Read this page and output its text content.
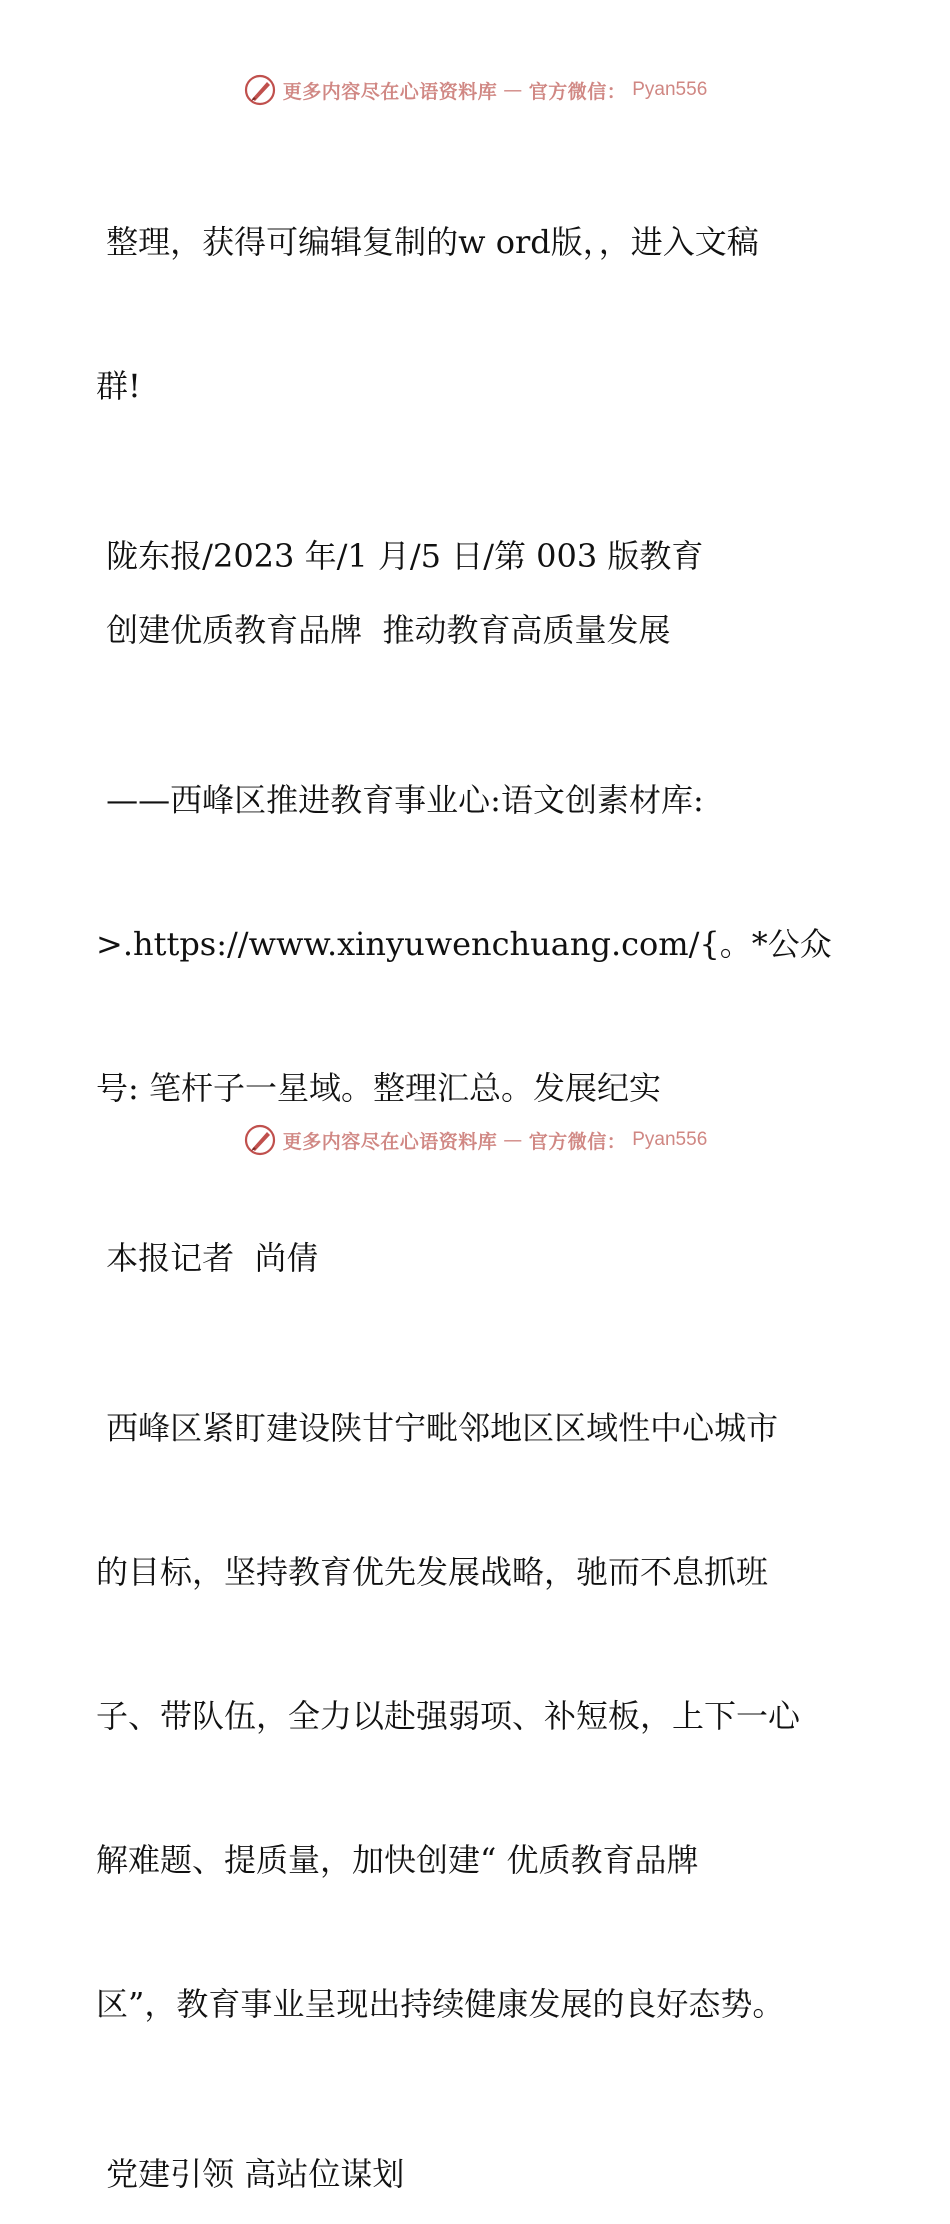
更多内容尽在心语资料库 — 官方微信： Pyan556

整理，获得可编辑复制的w ord版，，进入文稿

群!

陇东报/2023 年/1 月/5 日/第 003 版教育
创建优质教育品牌  推动教育高质量发展

——西峰区推进教育事业心:语文创素材库:

>.https://www.xinyuwenchuang.com/{。*公众

号: 笔杆子一星域。整理汇总。发展纪实

本报记者  尚倩

西峰区紧盯建设陕甘宁毗邻地区区域性中心城市

的目标，坚持教育优先发展战略，驰而不息抓班

子、带队伍，全力以赴强弱项、补短板，上下一心

解难题、提质量，加快创建“ 优质教育品牌

区”，教育事业呈现出持续健康发展的良好态势。

党建引领 高站位谋划
更多内容尽在心语资料库 — 官方微信： Pyan556
